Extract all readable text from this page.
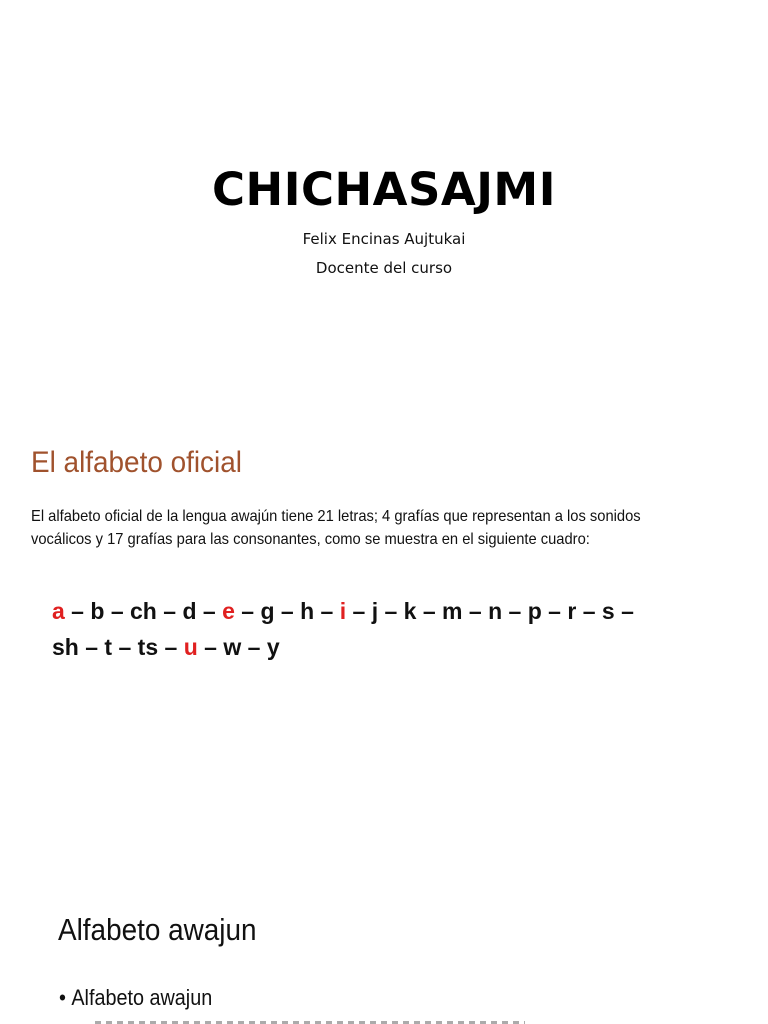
CHICHASAJMI
Felix Encinas Aujtukai
Docente del curso
El alfabeto oficial

El alfabeto oficial de la lengua awajún tiene 21 letras; 4 grafías que representan a los sonidos vocálicos y 17 grafías para las consonantes, como se muestra en el siguiente cuadro:

a – b – ch – d – e – g – h – i – j – k – m – n – p – r – s –
sh – t – ts – u – w – y

Alfabeto awajun

• Alfabeto awajun
